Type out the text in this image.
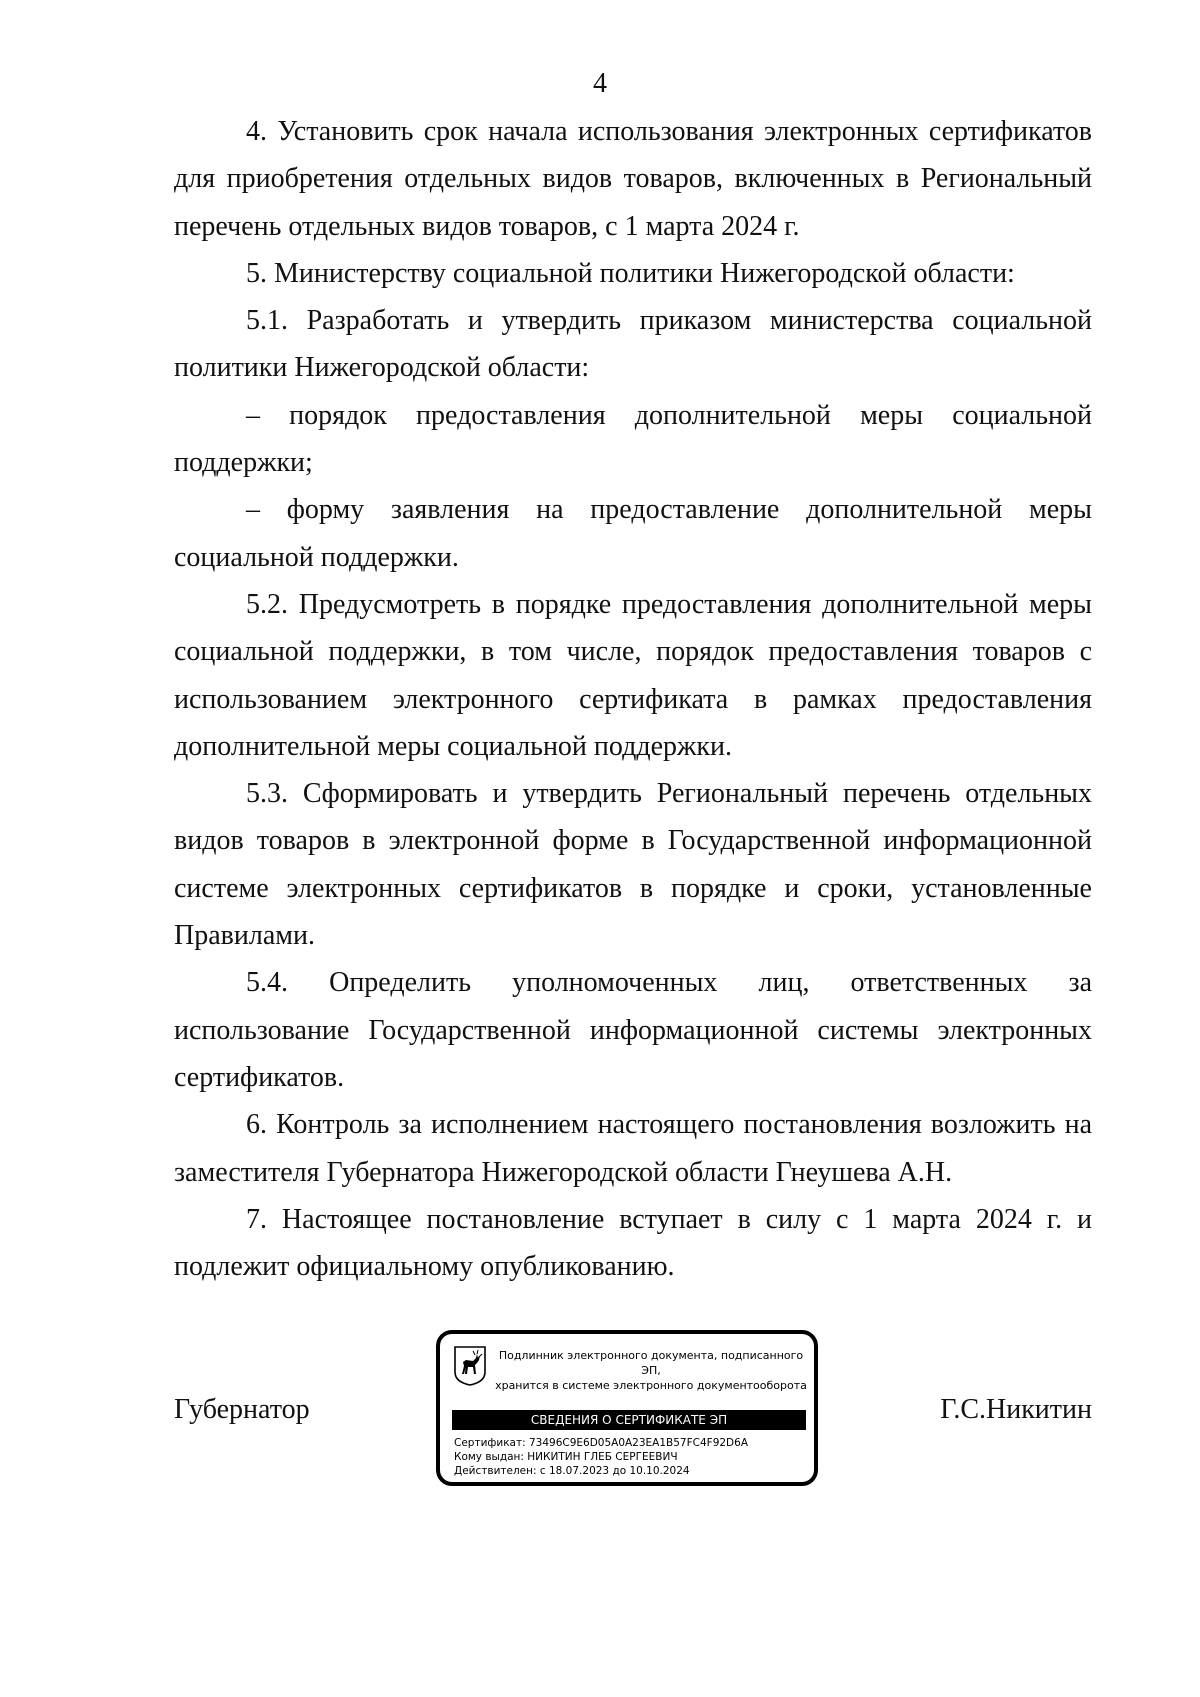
4

4. Установить срок начала использования электронных сертификатов для приобретения отдельных видов товаров, включенных в Региональный перечень отдельных видов товаров, с 1 марта 2024 г.

5. Министерству социальной политики Нижегородской области:

5.1. Разработать и утвердить приказом министерства социальной политики Нижегородской области:

– порядок предоставления дополнительной меры социальной поддержки;

– форму заявления на предоставление дополнительной меры социальной поддержки.

5.2. Предусмотреть в порядке предоставления дополнительной меры социальной поддержки, в том числе, порядок предоставления товаров с использованием электронного сертификата в рамках предоставления дополнительной меры социальной поддержки.

5.3. Сформировать и утвердить Региональный перечень отдельных видов товаров в электронной форме в Государственной информационной системе электронных сертификатов в порядке и сроки, установленные Правилами.

5.4. Определить уполномоченных лиц, ответственных за использование Государственной информационной системы электронных сертификатов.

6. Контроль за исполнением настоящего постановления возложить на заместителя Губернатора Нижегородской области Гнеушева А.Н.

7. Настоящее постановление вступает в силу с 1 марта 2024 г. и подлежит официальному опубликованию.

Губернатор
Подлинник электронного документа, подписанного ЭП,
хранится в системе электронного документооборота
СВЕДЕНИЯ О СЕРТИФИКАТЕ ЭП
Сертификат: 73496C9E6D05A0A23EA1B57FC4F92D6A
Кому выдан: НИКИТИН ГЛЕБ СЕРГЕЕВИЧ
Действителен: с 18.07.2023 до 10.10.2024
Г.С.Никитин
